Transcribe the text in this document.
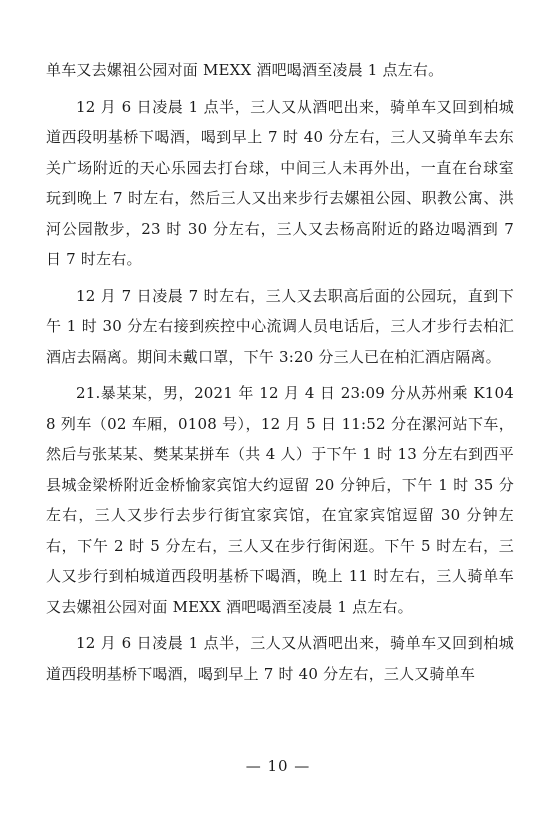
单车又去嫘祖公园对面 MEXX 酒吧喝酒至凌晨 1 点左右。

12 月 6 日凌晨 1 点半，三人又从酒吧出来，骑单车又回到柏城道西段明基桥下喝酒，喝到早上 7 时 40 分左右，三人又骑单车去东关广场附近的天心乐园去打台球，中间三人未再外出，一直在台球室玩到晚上 7 时左右，然后三人又出来步行去嫘祖公园、职教公寓、洪河公园散步，23 时 30 分左右，三人又去杨高附近的路边喝酒到 7 日 7 时左右。

12 月 7 日凌晨 7 时左右，三人又去职高后面的公园玩，直到下午 1 时 30 分左右接到疾控中心流调人员电话后，三人才步行去柏汇酒店去隔离。期间未戴口罩，下午 3:20 分三人已在柏汇酒店隔离。

21.暴某某，男，2021 年 12 月 4 日 23:09 分从苏州乘 K1048 列车（02 车厢，0108 号），12 月 5 日 11:52 分在漯河站下车，然后与张某某、樊某某拼车（共 4 人）于下午 1 时 13 分左右到西平县城金梁桥附近金桥愉家宾馆大约逗留 20 分钟后，下午 1 时 35 分左右，三人又步行去步行街宜家宾馆，在宜家宾馆逗留 30 分钟左右，下午 2 时 5 分左右，三人又在步行街闲逛。下午 5 时左右，三人又步行到柏城道西段明基桥下喝酒，晚上 11 时左右，三人骑单车又去嫘祖公园对面 MEXX 酒吧喝酒至凌晨 1 点左右。

12 月 6 日凌晨 1 点半，三人又从酒吧出来，骑单车又回到柏城道西段明基桥下喝酒，喝到早上 7 时 40 分左右，三人又骑单车

— 10 —
